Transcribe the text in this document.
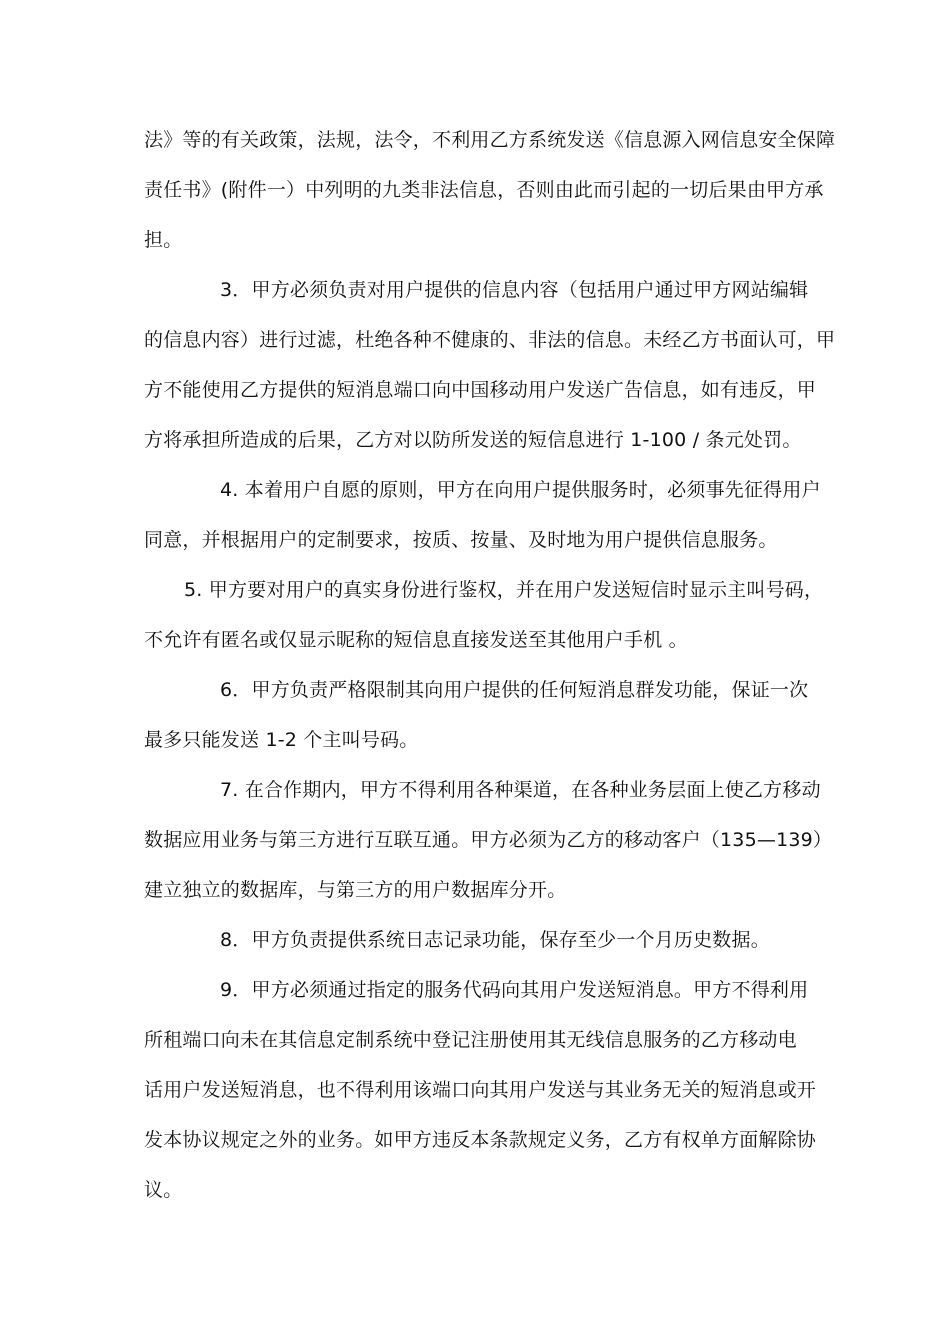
法》等的有关政策，法规，法令，不利用乙方系统发送《信息源入网信息安全保障
责任书》(附件一）中列明的九类非法信息，否则由此而引起的一切后果由甲方承
担。
3．甲方必须负责对用户提供的信息内容（包括用户通过甲方网站编辑
的信息内容）进行过滤，杜绝各种不健康的、非法的信息。未经乙方书面认可，甲
方不能使用乙方提供的短消息端口向中国移动用户发送广告信息，如有违反，甲
方将承担所造成的后果，乙方对以防所发送的短信息进行 1-100 / 条元处罚。
4. 本着用户自愿的原则，甲方在向用户提供服务时，必须事先征得用户
同意，并根据用户的定制要求，按质、按量、及时地为用户提供信息服务。
5. 甲方要对用户的真实身份进行鉴权，并在用户发送短信时显示主叫号码，
不允许有匿名或仅显示昵称的短信息直接发送至其他用户手机 。
6．甲方负责严格限制其向用户提供的任何短消息群发功能，保证一次
最多只能发送 1-2 个主叫号码。
7. 在合作期内，甲方不得利用各种渠道，在各种业务层面上使乙方移动
数据应用业务与第三方进行互联互通。甲方必须为乙方的移动客户（135—139）
建立独立的数据库，与第三方的用户数据库分开。
8．甲方负责提供系统日志记录功能，保存至少一个月历史数据。
9．甲方必须通过指定的服务代码向其用户发送短消息。甲方不得利用
所租端口向未在其信息定制系统中登记注册使用其无线信息服务的乙方移动电
话用户发送短消息，也不得利用该端口向其用户发送与其业务无关的短消息或开
发本协议规定之外的业务。如甲方违反本条款规定义务，乙方有权单方面解除协
议。
